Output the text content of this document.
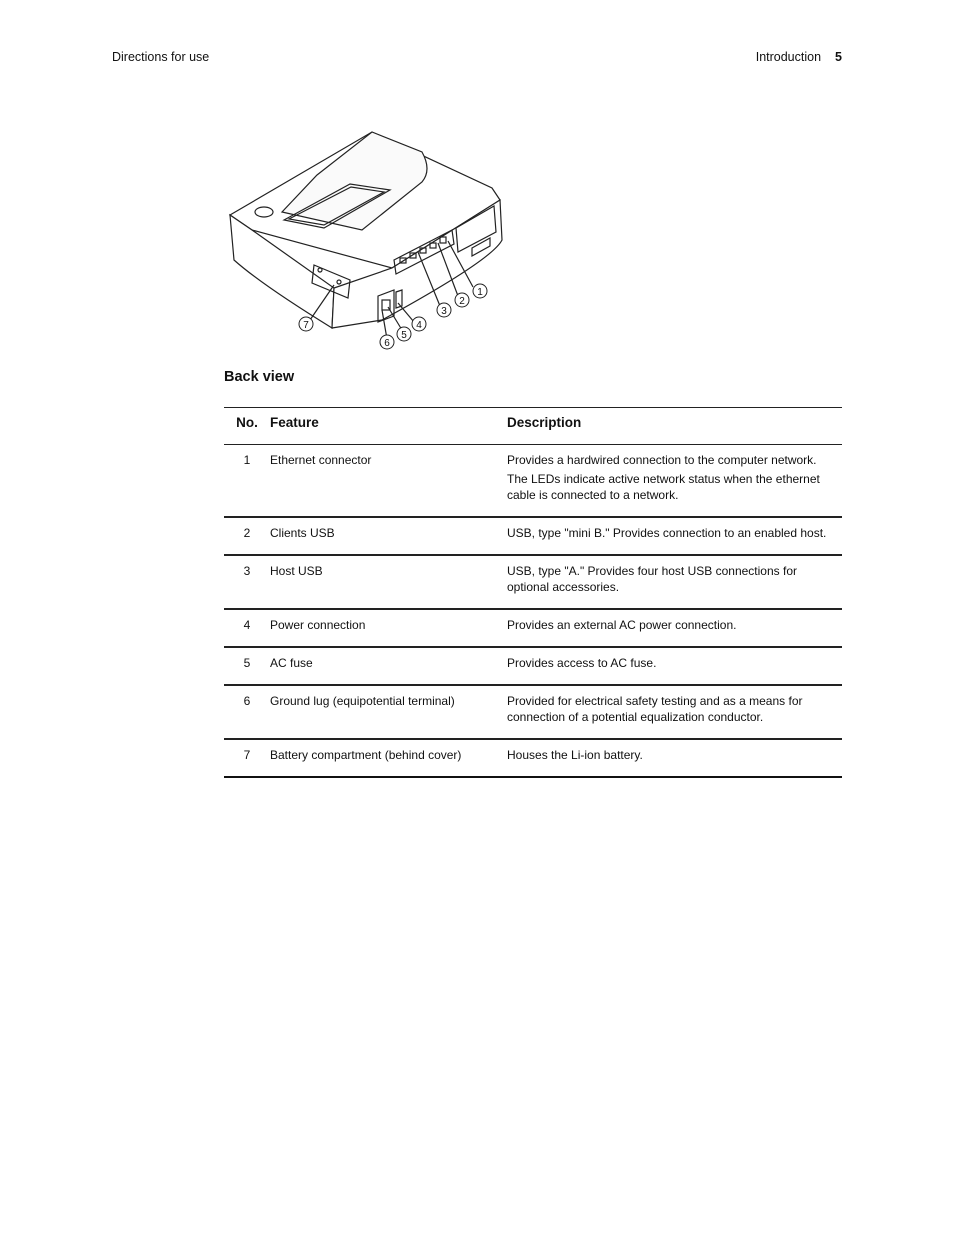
Directions for use	Introduction 5
1
2
3
4
5
6
7
Back view
No.	Feature	Description
1	Ethernet connector	Provides a hardwired connection to the computer network.

The LEDs indicate active network status when the ethernet cable is connected to a network.

2	Clients USB	USB, type "mini B." Provides connection to an enabled host.

3	Host USB	USB, type "A." Provides four host USB connections for optional accessories.

4	Power connection	Provides an external AC power connection.

5	AC fuse	Provides access to AC fuse.

6	Ground lug (equipotential terminal)	Provided for electrical safety testing and as a means for connection of a potential equalization conductor.

7	Battery compartment (behind cover)	Houses the Li-ion battery.
